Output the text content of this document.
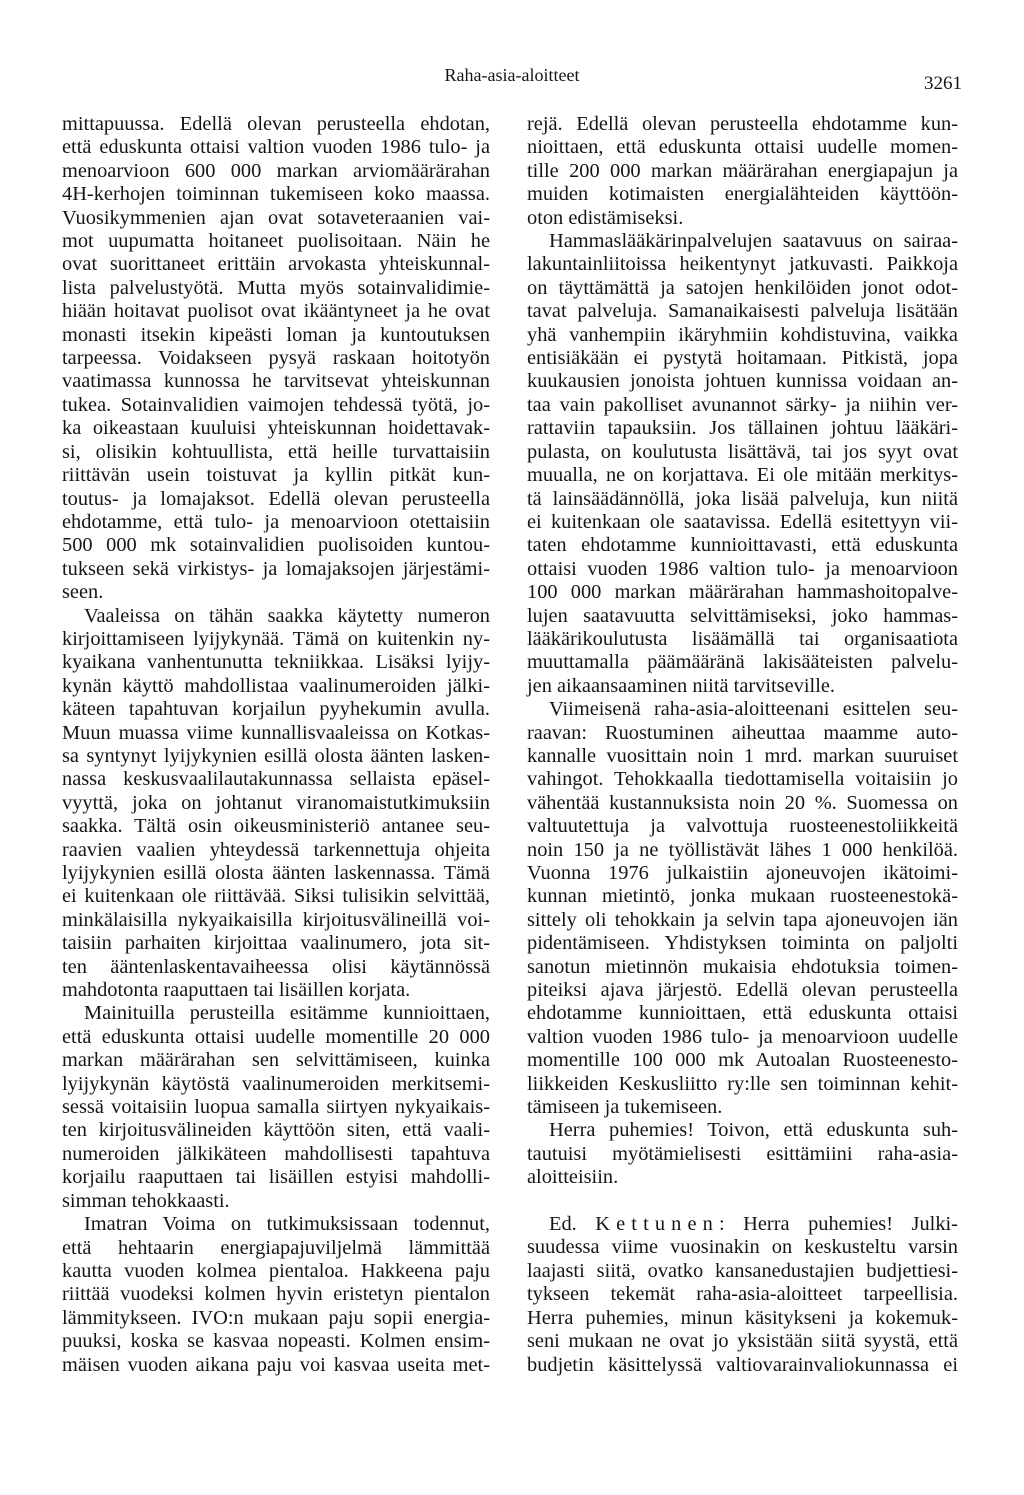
Raha-asia-aloitteet	3261
mittapuussa. Edellä olevan perusteella ehdotan,
että eduskunta ottaisi valtion vuoden 1986 tulo- ja
menoarvioon 600 000 markan arviomäärärahan
4H-kerhojen toiminnan tukemiseen koko maassa.
Vuosikymmenien ajan ovat sotaveteraanien vai-
mot uupumatta hoitaneet puolisoitaan. Näin he
ovat suorittaneet erittäin arvokasta yhteiskunnal-
lista palvelustyötä. Mutta myös sotainvalidimie-
hiään hoitavat puolisot ovat ikääntyneet ja he ovat
monasti itsekin kipeästi loman ja kuntoutuksen
tarpeessa. Voidakseen pysyä raskaan hoitotyön
vaatimassa kunnossa he tarvitsevat yhteiskunnan
tukea. Sotainvalidien vaimojen tehdessä työtä, jo-
ka oikeastaan kuuluisi yhteiskunnan hoidettavak-
si, olisikin kohtuullista, että heille turvattaisiin
riittävän usein toistuvat ja kyllin pitkät kun-
toutus- ja lomajaksot. Edellä olevan perusteella
ehdotamme, että tulo- ja menoarvioon otettaisiin
500 000 mk sotainvalidien puolisoiden kuntou-
tukseen sekä virkistys- ja lomajaksojen järjestämi-
seen.
Vaaleissa on tähän saakka käytetty numeron
kirjoittamiseen lyijykynää. Tämä on kuitenkin ny-
kyaikana vanhentunutta tekniikkaa. Lisäksi lyijy-
kynän käyttö mahdollistaa vaalinumeroiden jälki-
käteen tapahtuvan korjailun pyyhekumin avulla.
Muun muassa viime kunnallisvaaleissa on Kotkas-
sa syntynyt lyijykynien esillä olosta äänten lasken-
nassa keskusvaalilautakunnassa sellaista epäsel-
vyyttä, joka on johtanut viranomaistutkimuksiin
saakka. Tältä osin oikeusministeriö antanee seu-
raavien vaalien yhteydessä tarkennettuja ohjeita
lyijykynien esillä olosta äänten laskennassa. Tämä
ei kuitenkaan ole riittävää. Siksi tulisikin selvittää,
minkälaisilla nykyaikaisilla kirjoitusvälineillä voi-
taisiin parhaiten kirjoittaa vaalinumero, jota sit-
ten ääntenlaskentavaiheessa olisi käytännössä
mahdotonta raaputtaen tai lisäillen korjata.
Mainituilla perusteilla esitämme kunnioittaen,
että eduskunta ottaisi uudelle momentille 20 000
markan määrärahan sen selvittämiseen, kuinka
lyijykynän käytöstä vaalinumeroiden merkitsemi-
sessä voitaisiin luopua samalla siirtyen nykyaikais-
ten kirjoitusvälineiden käyttöön siten, että vaali-
numeroiden jälkikäteen mahdollisesti tapahtuva
korjailu raaputtaen tai lisäillen estyisi mahdolli-
simman tehokkaasti.
Imatran Voima on tutkimuksissaan todennut,
että hehtaarin energiapajuviljelmä lämmittää
kautta vuoden kolmea pientaloa. Hakkeena paju
riittää vuodeksi kolmen hyvin eristetyn pientalon
lämmitykseen. IVO:n mukaan paju sopii energia-
puuksi, koska se kasvaa nopeasti. Kolmen ensim-
mäisen vuoden aikana paju voi kasvaa useita met-
rejä. Edellä olevan perusteella ehdotamme kun-
nioittaen, että eduskunta ottaisi uudelle momen-
tille 200 000 markan määrärahan energiapajun ja
muiden kotimaisten energialähteiden käyttöön-
oton edistämiseksi.
Hammaslääkärinpalvelujen saatavuus on sairaa-
lakuntainliitoissa heikentynyt jatkuvasti. Paikkoja
on täyttämättä ja satojen henkilöiden jonot odot-
tavat palveluja. Samanaikaisesti palveluja lisätään
yhä vanhempiin ikäryhmiin kohdistuvina, vaikka
entisiäkään ei pystytä hoitamaan. Pitkistä, jopa
kuukausien jonoista johtuen kunnissa voidaan an-
taa vain pakolliset avunannot särky- ja niihin ver-
rattaviin tapauksiin. Jos tällainen johtuu lääkäri-
pulasta, on koulutusta lisättävä, tai jos syyt ovat
muualla, ne on korjattava. Ei ole mitään merkitys-
tä lainsäädännöllä, joka lisää palveluja, kun niitä
ei kuitenkaan ole saatavissa. Edellä esitettyyn vii-
taten ehdotamme kunnioittavasti, että eduskunta
ottaisi vuoden 1986 valtion tulo- ja menoarvioon
100 000 markan määrärahan hammashoitopalve-
lujen saatavuutta selvittämiseksi, joko hammas-
lääkärikoulutusta lisäämällä tai organisaatiota
muuttamalla päämääränä lakisääteisten palvelu-
jen aikaansaaminen niitä tarvitseville.
Viimeisenä raha-asia-aloitteenani esittelen seu-
raavan: Ruostuminen aiheuttaa maamme auto-
kannalle vuosittain noin 1 mrd. markan suuruiset
vahingot. Tehokkaalla tiedottamisella voitaisiin jo
vähentää kustannuksista noin 20 %. Suomessa on
valtuutettuja ja valvottuja ruosteenestoliikkeitä
noin 150 ja ne työllistävät lähes 1 000 henkilöä.
Vuonna 1976 julkaistiin ajoneuvojen ikätoimi-
kunnan mietintö, jonka mukaan ruosteenestokä-
sittely oli tehokkain ja selvin tapa ajoneuvojen iän
pidentämiseen. Yhdistyksen toiminta on paljolti
sanotun mietinnön mukaisia ehdotuksia toimen-
piteiksi ajava järjestö. Edellä olevan perusteella
ehdotamme kunnioittaen, että eduskunta ottaisi
valtion vuoden 1986 tulo- ja menoarvioon uudelle
momentille 100 000 mk Autoalan Ruosteenesto-
liikkeiden Keskusliitto ry:lle sen toiminnan kehit-
tämiseen ja tukemiseen.
Herra puhemies! Toivon, että eduskunta suh-
tautuisi myötämielisesti esittämiini raha-asia-
aloitteisiin.
Ed. Kettunen: Herra puhemies! Julki-
suudessa viime vuosinakin on keskusteltu varsin
laajasti siitä, ovatko kansanedustajien budjettiesi-
tykseen tekemät raha-asia-aloitteet tarpeellisia.
Herra puhemies, minun käsitykseni ja kokemuk-
seni mukaan ne ovat jo yksistään siitä syystä, että
budjetin käsittelyssä valtiovarainvaliokunnassa ei
